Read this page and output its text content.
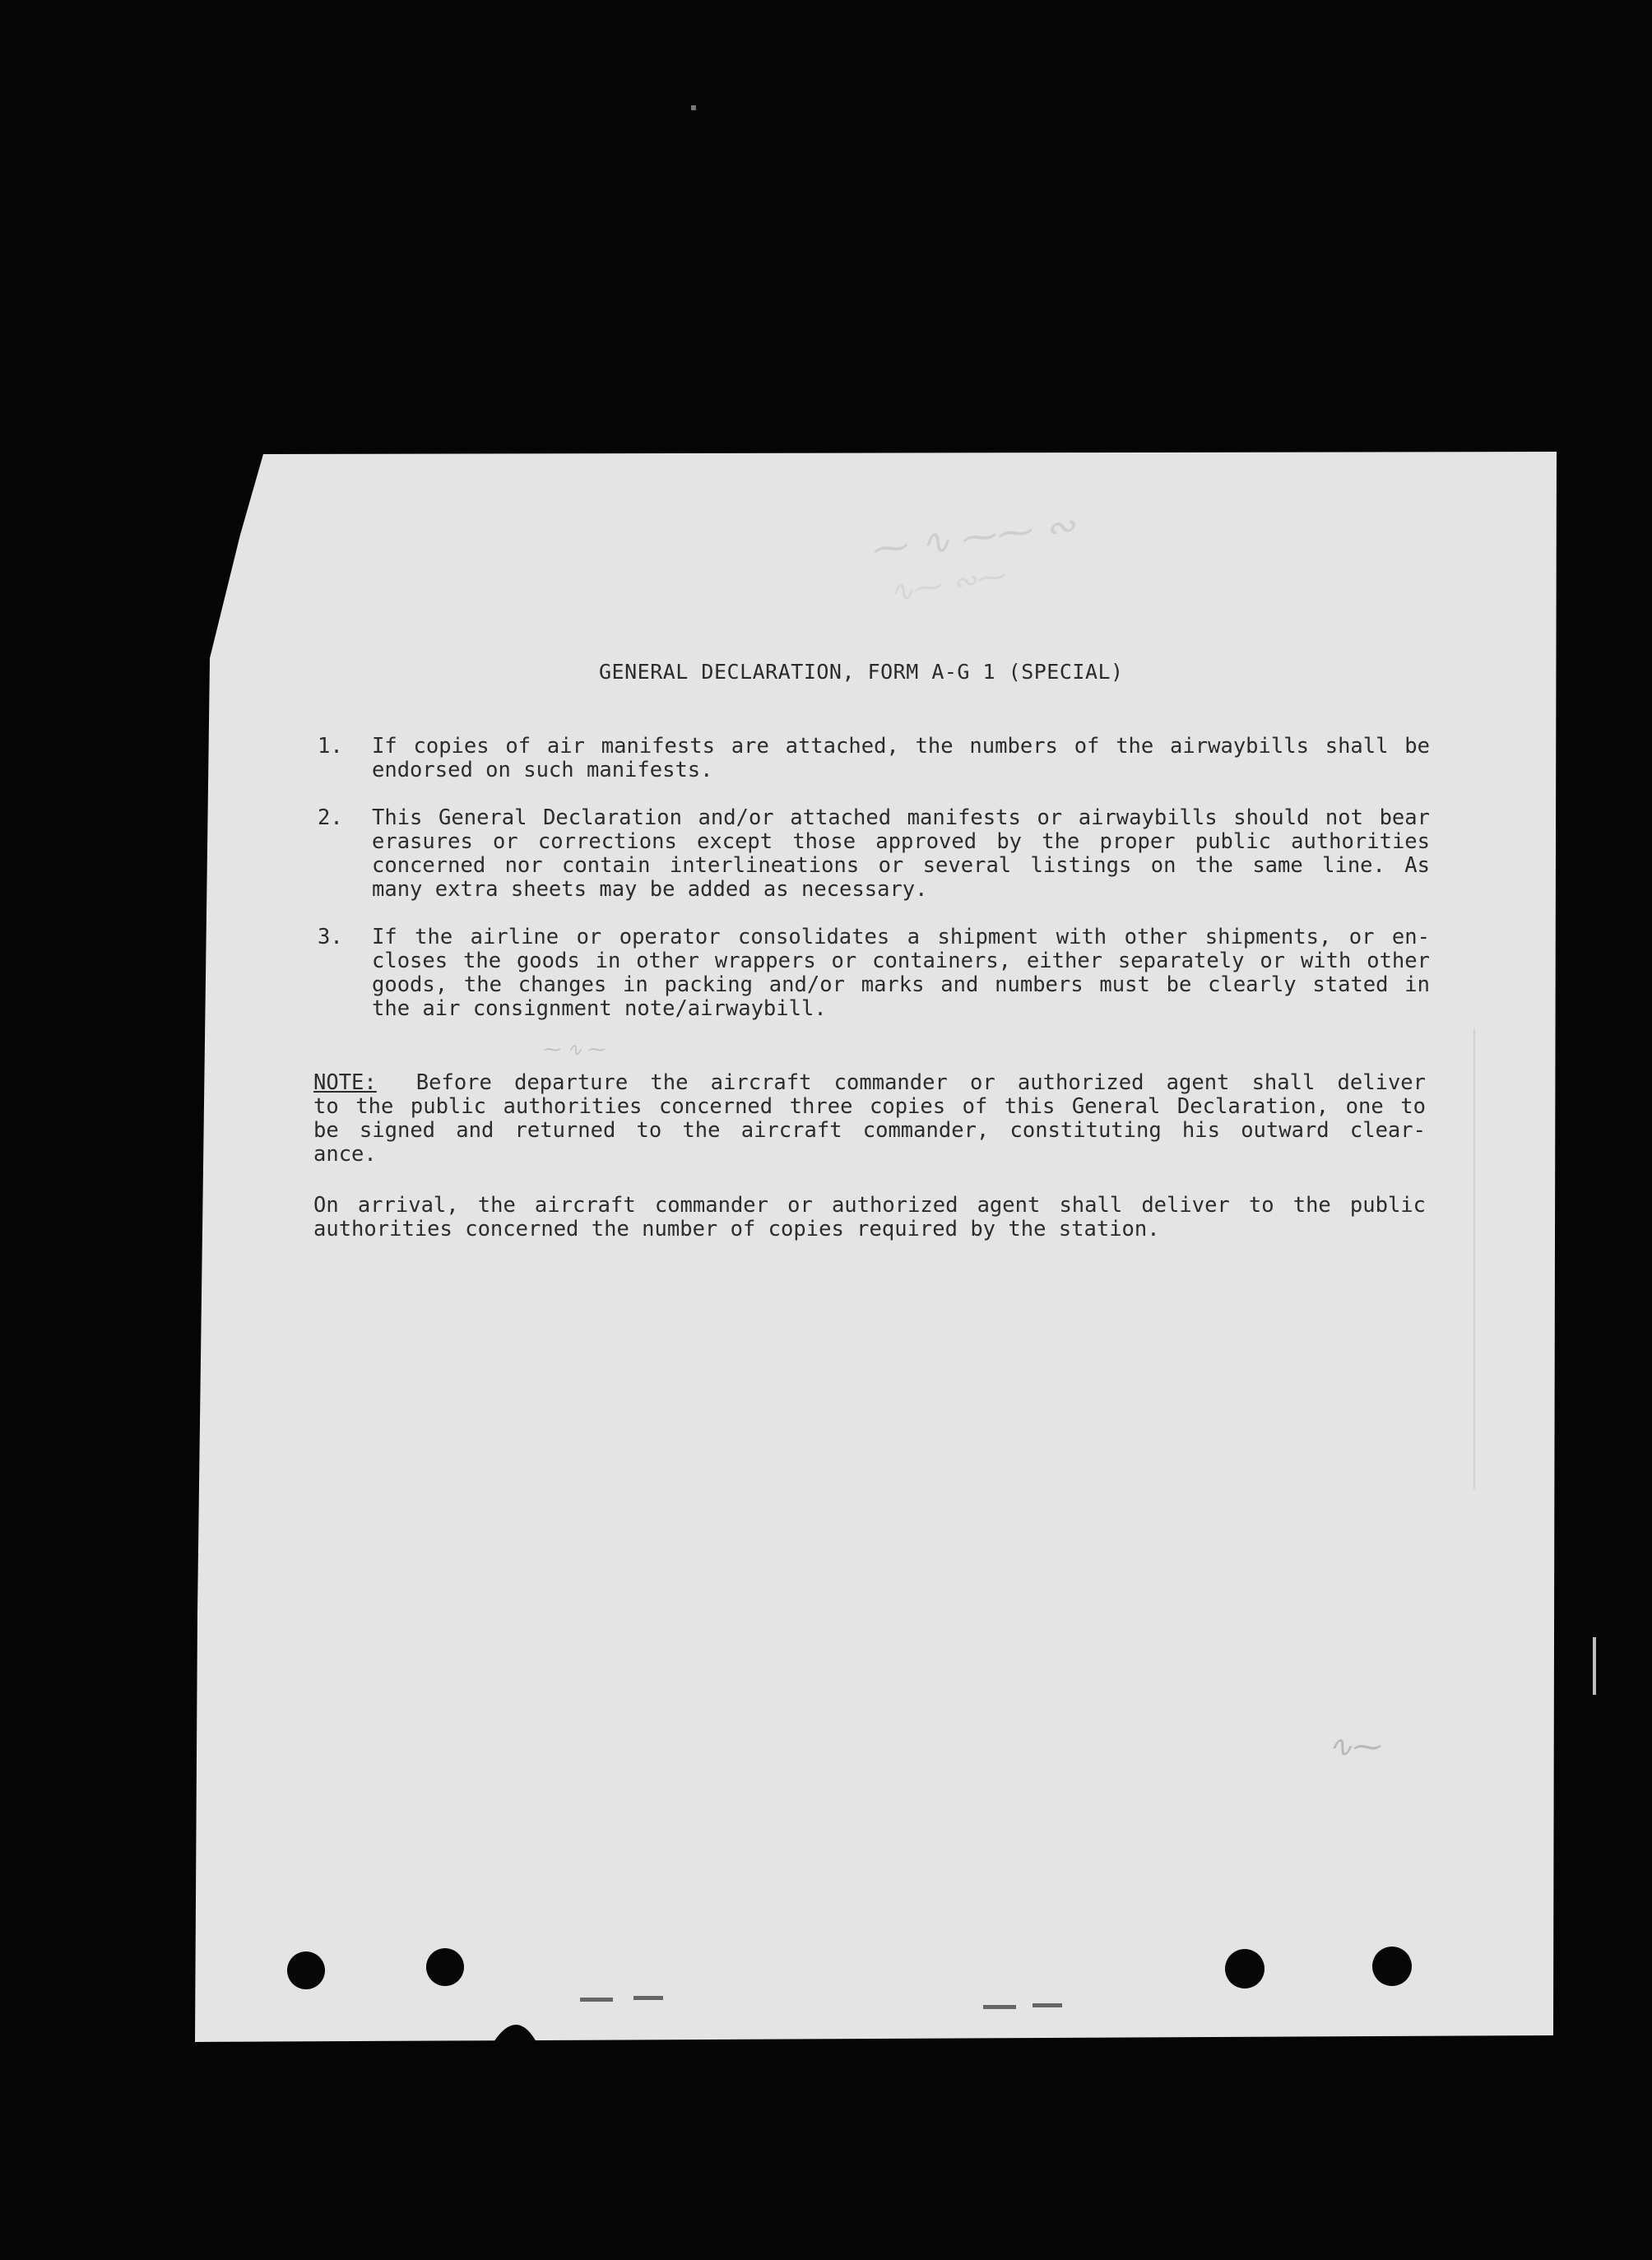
GENERAL DECLARATION, FORM A-G 1 (SPECIAL)
1. If copies of air manifests are attached, the numbers of the airwaybills shall be
endorsed on such manifests.
2. This General Declaration and/or attached manifests or airwaybills should not bear
erasures or corrections except those approved by the proper public authorities
concerned nor contain interlineations or several listings on the same line. As
many extra sheets may be added as necessary.
3. If the airline or operator consolidates a shipment with other shipments, or en-
closes the goods in other wrappers or containers, either separately or with other
goods, the changes in packing and/or marks and numbers must be clearly stated in
the air consignment note/airwaybill.
NOTE: Before departure the aircraft commander or authorized agent shall deliver
to the public authorities concerned three copies of this General Declaration, one to
be signed and returned to the aircraft commander, constituting his outward clear-
ance.
On arrival, the aircraft commander or authorized agent shall deliver to the public
authorities concerned the number of copies required by the station.
⁓ ∿ ⁓⁓ ∾
∿⁓ ∾⁓
⁓ ∿ ⁓
∿⁓
